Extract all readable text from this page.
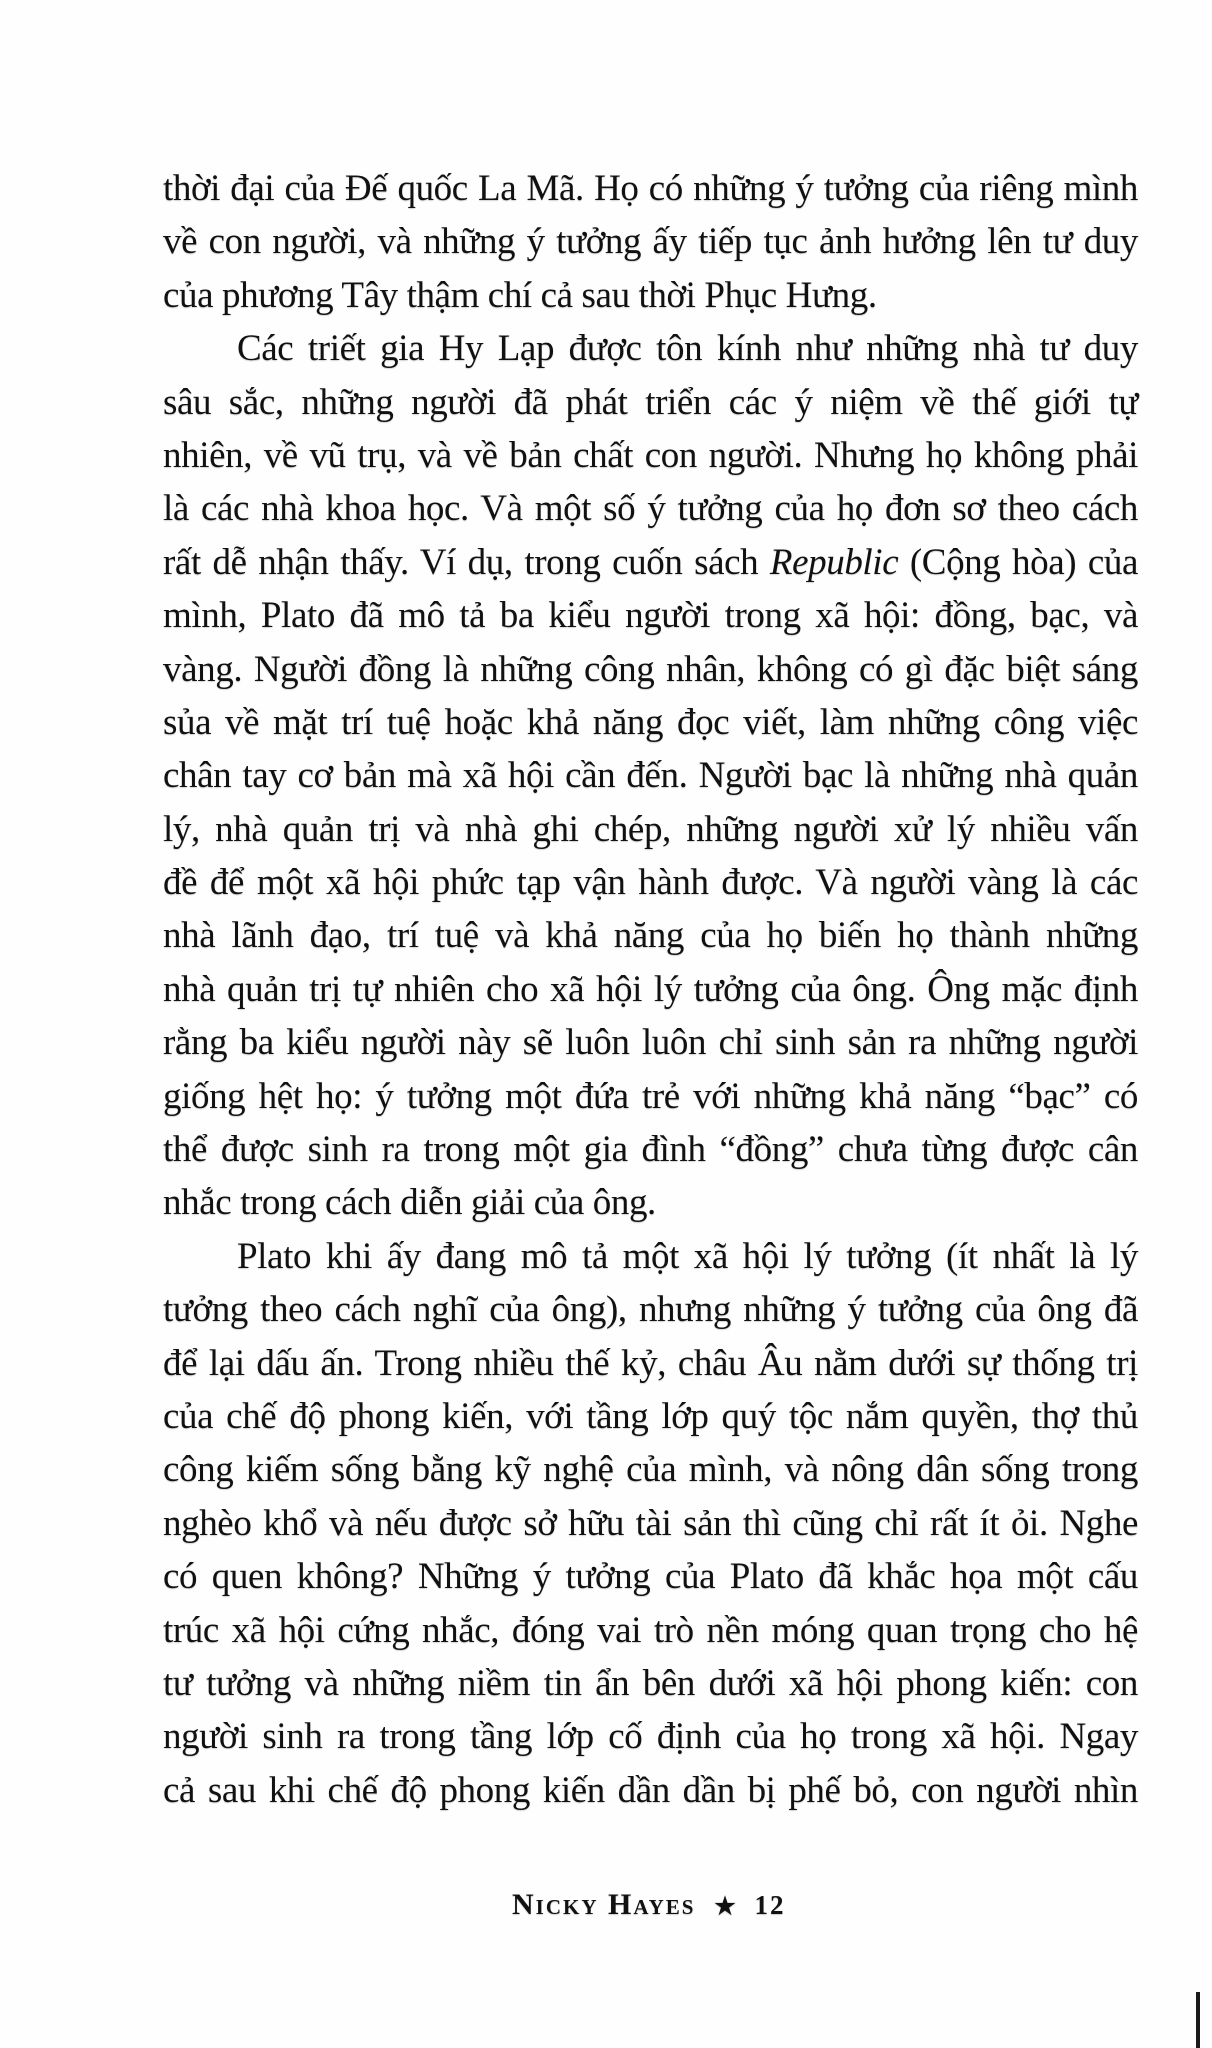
thời đại của Đế quốc La Mã. Họ có những ý tưởng của riêng mình
về con người, và những ý tưởng ấy tiếp tục ảnh hưởng lên tư duy
của phương Tây thậm chí cả sau thời Phục Hưng.
Các triết gia Hy Lạp được tôn kính như những nhà tư duy
sâu sắc, những người đã phát triển các ý niệm về thế giới tự
nhiên, về vũ trụ, và về bản chất con người. Nhưng họ không phải
là các nhà khoa học. Và một số ý tưởng của họ đơn sơ theo cách
rất dễ nhận thấy. Ví dụ, trong cuốn sách Republic (Cộng hòa) của
mình, Plato đã mô tả ba kiểu người trong xã hội: đồng, bạc, và
vàng. Người đồng là những công nhân, không có gì đặc biệt sáng
sủa về mặt trí tuệ hoặc khả năng đọc viết, làm những công việc
chân tay cơ bản mà xã hội cần đến. Người bạc là những nhà quản
lý, nhà quản trị và nhà ghi chép, những người xử lý nhiều vấn
đề để một xã hội phức tạp vận hành được. Và người vàng là các
nhà lãnh đạo, trí tuệ và khả năng của họ biến họ thành những
nhà quản trị tự nhiên cho xã hội lý tưởng của ông. Ông mặc định
rằng ba kiểu người này sẽ luôn luôn chỉ sinh sản ra những người
giống hệt họ: ý tưởng một đứa trẻ với những khả năng “bạc” có
thể được sinh ra trong một gia đình “đồng” chưa từng được cân
nhắc trong cách diễn giải của ông.
Plato khi ấy đang mô tả một xã hội lý tưởng (ít nhất là lý
tưởng theo cách nghĩ của ông), nhưng những ý tưởng của ông đã
để lại dấu ấn. Trong nhiều thế kỷ, châu Âu nằm dưới sự thống trị
của chế độ phong kiến, với tầng lớp quý tộc nắm quyền, thợ thủ
công kiếm sống bằng kỹ nghệ của mình, và nông dân sống trong
nghèo khổ và nếu được sở hữu tài sản thì cũng chỉ rất ít ỏi. Nghe
có quen không? Những ý tưởng của Plato đã khắc họa một cấu
trúc xã hội cứng nhắc, đóng vai trò nền móng quan trọng cho hệ
tư tưởng và những niềm tin ẩn bên dưới xã hội phong kiến: con
người sinh ra trong tầng lớp cố định của họ trong xã hội. Ngay
cả sau khi chế độ phong kiến dần dần bị phế bỏ, con người nhìn
Nicky Hayes ★ 12
